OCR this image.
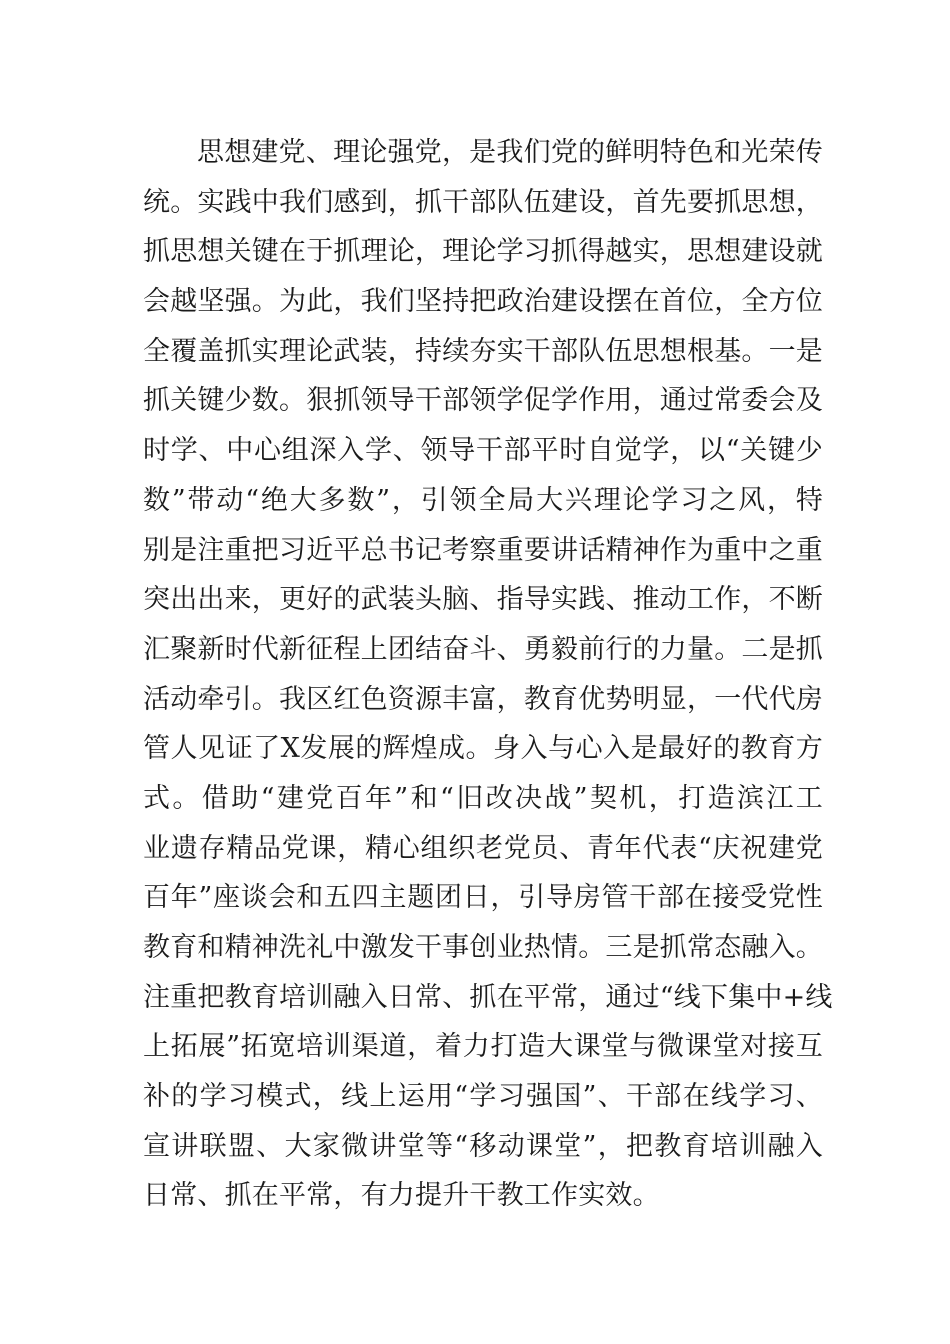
思想建党、理论强党，是我们党的鲜明特色和光荣传
统。实践中我们感到，抓干部队伍建设，首先要抓思想，
抓思想关键在于抓理论，理论学习抓得越实，思想建设就
会越坚强。为此，我们坚持把政治建设摆在首位，全方位
全覆盖抓实理论武装，持续夯实干部队伍思想根基。一是
抓关键少数。狠抓领导干部领学促学作用，通过常委会及
时学、中心组深入学、领导干部平时自觉学，以“关键少
数”带动“绝大多数”，引领全局大兴理论学习之风，特
别是注重把习近平总书记考察重要讲话精神作为重中之重
突出出来，更好的武装头脑、指导实践、推动工作，不断
汇聚新时代新征程上团结奋斗、勇毅前行的力量。二是抓
活动牵引。我区红色资源丰富，教育优势明显，一代代房
管人见证了X发展的辉煌成。身入与心入是最好的教育方
式。借助“建党百年”和“旧改决战”契机，打造滨江工
业遗存精品党课，精心组织老党员、青年代表“庆祝建党
百年”座谈会和五四主题团日，引导房管干部在接受党性
教育和精神洗礼中激发干事创业热情。三是抓常态融入。
注重把教育培训融入日常、抓在平常，通过“线下集中+线
上拓展”拓宽培训渠道，着力打造大课堂与微课堂对接互
补的学习模式，线上运用“学习强国”、干部在线学习、
宣讲联盟、大家微讲堂等“移动课堂”，把教育培训融入
日常、抓在平常，有力提升干教工作实效。
